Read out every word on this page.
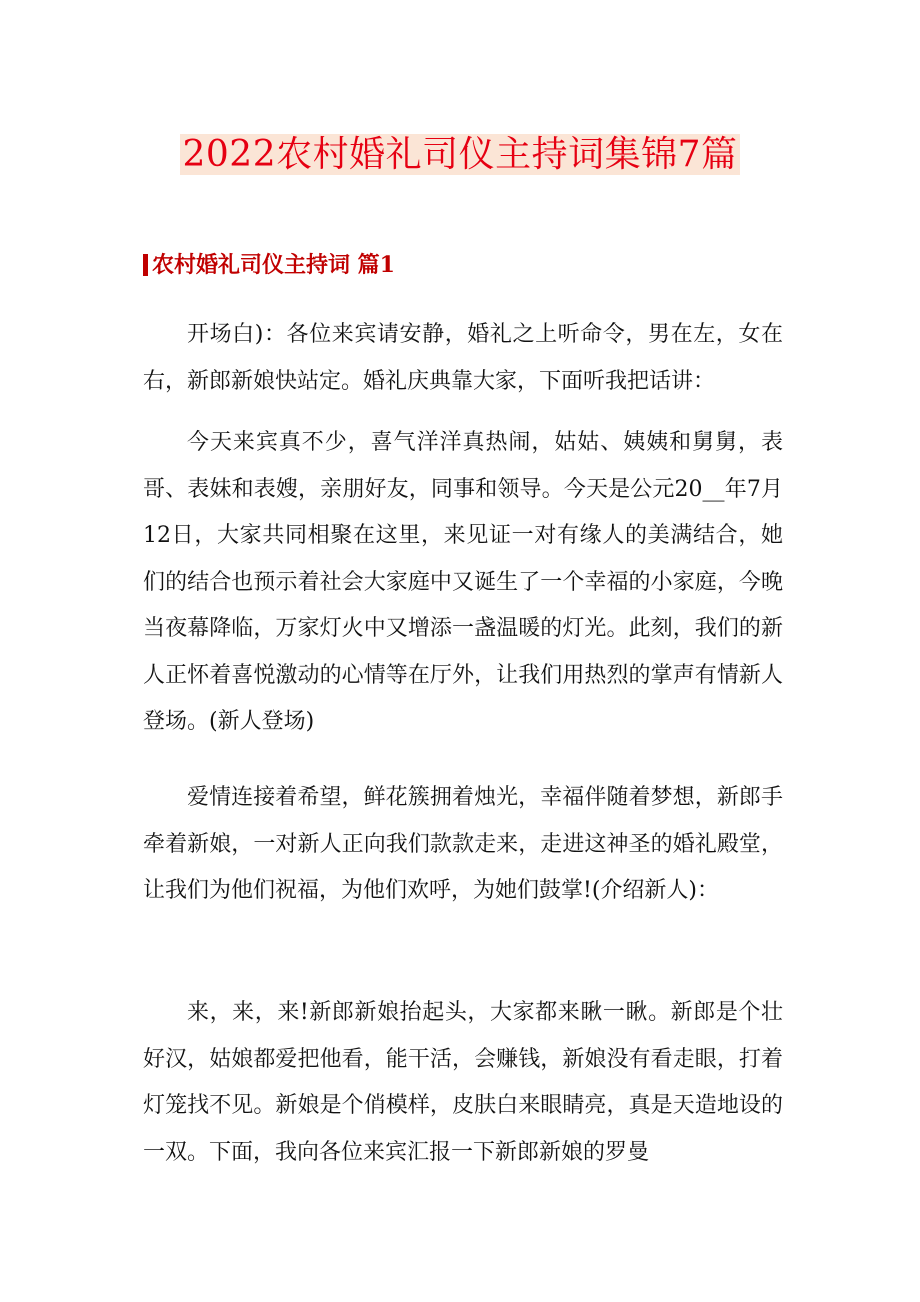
2022农村婚礼司仪主持词集锦7篇
农村婚礼司仪主持词 篇1

开场白)：各位来宾请安静，婚礼之上听命令，男在左，女在右，新郎新娘快站定。婚礼庆典靠大家，下面听我把话讲：

今天来宾真不少，喜气洋洋真热闹，姑姑、姨姨和舅舅，表哥、表妹和表嫂，亲朋好友，同事和领导。今天是公元20__年7月12日，大家共同相聚在这里，来见证一对有缘人的美满结合，她们的结合也预示着社会大家庭中又诞生了一个幸福的小家庭，今晚当夜幕降临，万家灯火中又增添一盏温暖的灯光。此刻，我们的新人正怀着喜悦激动的心情等在厅外，让我们用热烈的掌声有情新人登场。(新人登场)

爱情连接着希望，鲜花簇拥着烛光，幸福伴随着梦想，新郎手牵着新娘，一对新人正向我们款款走来，走进这神圣的婚礼殿堂，让我们为他们祝福，为他们欢呼，为她们鼓掌!(介绍新人)：

来，来，来!新郎新娘抬起头，大家都来瞅一瞅。新郎是个壮好汉，姑娘都爱把他看，能干活，会赚钱，新娘没有看走眼，打着灯笼找不见。新娘是个俏模样，皮肤白来眼睛亮，真是天造地设的一双。下面，我向各位来宾汇报一下新郎新娘的罗曼
